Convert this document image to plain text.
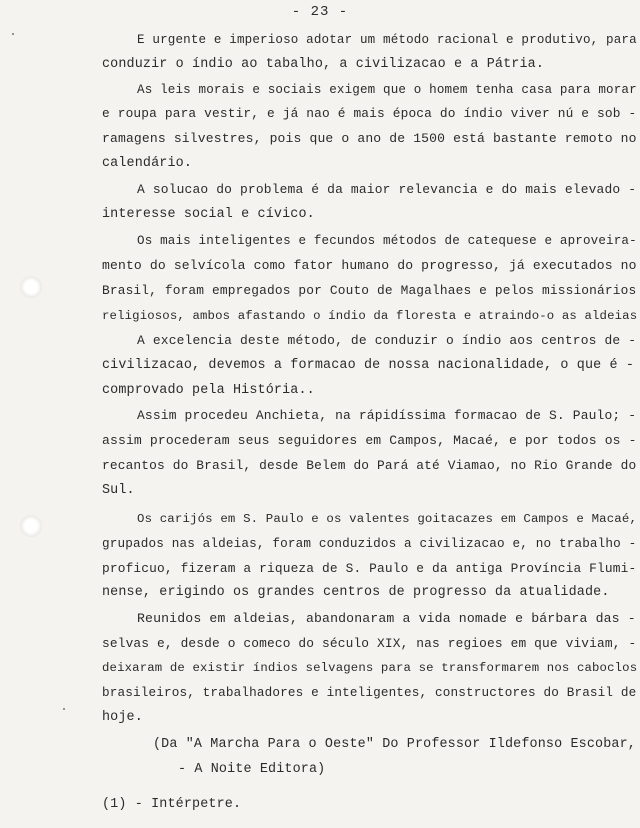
- 23 -
E urgente e imperioso adotar um método racional e produtivo, para
conduzir o índio ao tabalho, a civilizacao e a Pátria.
As leis morais e sociais exigem que o homem tenha casa para morar
e roupa para vestir, e já nao é mais época do índio viver nú e sob -
ramagens silvestres, pois que o ano de 1500 está bastante remoto no
calendário.
A solucao do problema é da maior relevancia e do mais elevado -
interesse social e cívico.
Os mais inteligentes e fecundos métodos de catequese e aproveira-
mento do selvícola como fator humano do progresso, já executados no
Brasil, foram empregados por Couto de Magalhaes e pelos missionários
religiosos, ambos afastando o índio da floresta e atraindo-o as aldeias
A excelencia deste método, de conduzir o índio aos centros de -
civilizacao, devemos a formacao de nossa nacionalidade, o que é -
comprovado pela História..
Assim procedeu Anchieta, na rápidíssima formacao de S. Paulo; -
assim procederam seus seguidores em Campos, Macaé, e por todos os -
recantos do Brasil, desde Belem do Pará até Viamao, no Rio Grande do
Sul.
Os carijós em S. Paulo e os valentes goitacazes em Campos e Macaé,
grupados nas aldeias, foram conduzidos a civilizacao e, no trabalho -
proficuo, fizeram a riqueza de S. Paulo e da antiga Província Flumi-
nense, erigindo os grandes centros de progresso da atualidade.
Reunidos em aldeias, abandonaram a vida nomade e bárbara das -
selvas e, desde o comeco do século XIX, nas regioes em que viviam, -
deixaram de existir índios selvagens para se transformarem nos caboclos
brasileiros, trabalhadores e inteligentes, constructores do Brasil de
hoje.
(Da "A Marcha Para o Oeste" Do Professor Ildefonso Escobar,
- A Noite Editora)
(1) - Intérpetre.
